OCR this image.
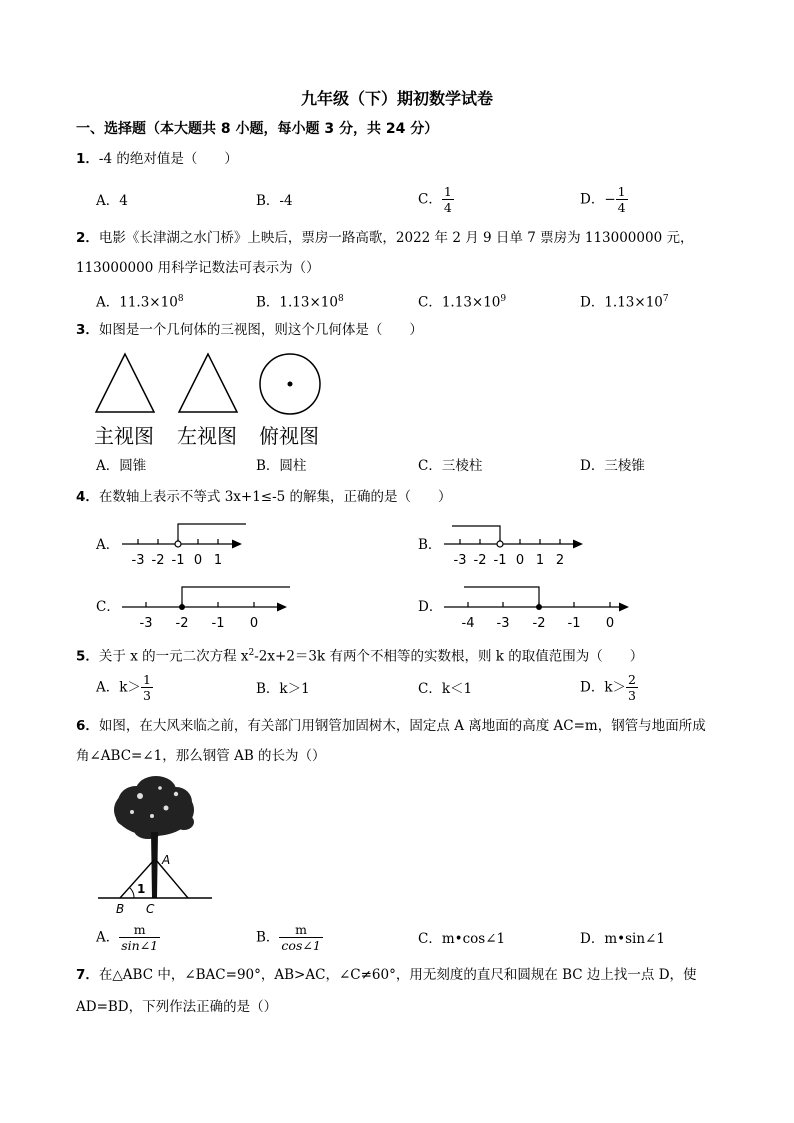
九年级（下）期初数学试卷
一、选择题（本大题共 8 小题，每小题 3 分，共 24 分）
1．-4 的绝对值是（　　）
A．4	B．-4	C． $\frac{1}{4}$	D．− $\frac{1}{4}$
2．电影《长津湖之水门桥》上映后，票房一路高歌，2022 年 2 月 9 日单 7 票房为 113000000 元，
113000000 用科学记数法可表示为（）
A．$11.3\times 10^8$	B．$1.13\times 10^8$	C．$1.13\times 10^9$	D．$1.13\times 10^7$
3．如图是一个几何体的三视图，则这个几何体是（　　）
主视图 左视图 俯视图
A．圆锥	B．圆柱	C．三棱柱	D．三棱锥
4．在数轴上表示不等式 3x+1≤-5 的解集，正确的是（　　）
A．
-3 -2 -1 0 1
B．
-3 -2 -1 0 1 2
C．
-3 -2 -1 0
D．
-4 -3 -2 -1 0
5．关于 x 的一元二次方程 $x^2-2x+2=3k$ 有两个不相等的实数根，则 k 的取值范围为（　　）
A．$k> \frac{1}{3}$	B．k＞1	C．k＜1	D．$k> \frac{2}{3}$
6．如图，在大风来临之前，有关部门用钢管加固树木，固定点 A 离地面的高度 AC=m，钢管与地面所成
角∠ABC=∠1，那么钢管 AB 的长为（）
1
A
B C
A． $\frac{m}{\sin\angle 1}$	B． $\frac{m}{\cos\angle 1}$	C．m•cos∠1	D．m•sin∠1
7．在△ABC 中，∠BAC=90°，AB>AC，∠C≠60°，用无刻度的直尺和圆规在 BC 边上找一点 D，使
AD=BD，下列作法正确的是（）
